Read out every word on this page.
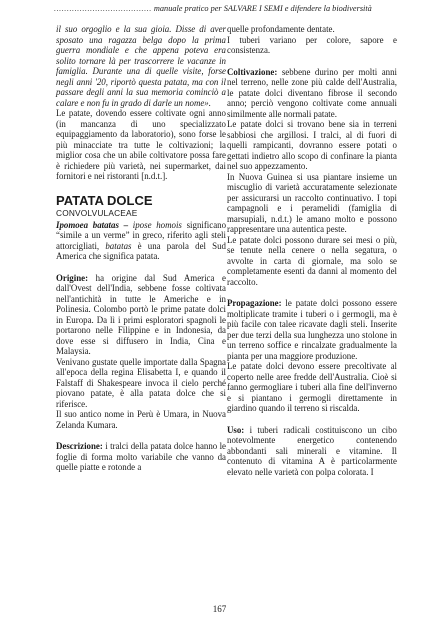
...................................... manuale pratico per SALVARE I SEMI e difendere la biodiversità

il suo orgoglio e la sua gioia. Disse di aver sposato una ragazza belga dopo la prima guerra mondiale e che appena poteva era solito tornare là per trascorrere le vacanze in famiglia. Durante una di quelle visite, forse negli anni '20, riportò questa patata, ma con il passare degli anni la sua memoria cominciò a calare e non fu in grado di darle un nome».

Le patate, dovendo essere coltivate ogni anno (in mancanza di uno specializzato equipaggiamento da laboratorio), sono forse le più minacciate tra tutte le coltivazioni; la miglior cosa che un abile coltivatore possa fare è richiedere più varietà, nei supermarket, dai fornitori e nei ristoranti [n.d.t.].

PATATA DOLCE
CONVOLVULACEAE

Ipomoea batatas – ipose homois significano “simile a un verme” in greco, riferito agli steli attorcigliati, batatas è una parola del Sud America che significa patata.

Origine: ha origine dal Sud America e dall'Ovest dell'India, sebbene fosse coltivata nell'antichità in tutte le Americhe e in Polinesia. Colombo portò le prime patate dolci in Europa. Da lì i primi esploratori spagnoli le portarono nelle Filippine e in Indonesia, da dove esse si diffusero in India, Cina e Malaysia.

Venivano gustate quelle importate dalla Spagna all'epoca della regina Elisabetta I, e quando il Falstaff di Shakespeare invoca il cielo perché piovano patate, è alla patata dolce che si riferisce.

Il suo antico nome in Perù è Umara, in Nuova Zelanda Kumara.

Descrizione: i tralci della patata dolce hanno le foglie di forma molto variabile che vanno da quelle piatte e rotonde a

quelle profondamente dentate.

I tuberi variano per colore, sapore e consistenza.

Coltivazione: sebbene durino per molti anni nel terreno, nelle zone più calde dell'Australia, le patate dolci diventano fibrose il secondo anno; perciò vengono coltivate come annuali similmente alle normali patate.

Le patate dolci si trovano bene sia in terreni sabbiosi che argillosi. I tralci, al di fuori di quelli rampicanti, dovranno essere potati o gettati indietro allo scopo di confinare la pianta nel suo appezzamento.

In Nuova Guinea si usa piantare insieme un miscuglio di varietà accuratamente selezionate per assicurarsi un raccolto continuativo. I topi campagnoli e i peramelidi (famiglia di marsupiali, n.d.t.) le amano molto e possono rappresentare una autentica peste.

Le patate dolci possono durare sei mesi o più, se tenute nella cenere o nella segatura, o avvolte in carta di giornale, ma solo se completamente esenti da danni al momento del raccolto.

Propagazione: le patate dolci possono essere moltiplicate tramite i tuberi o i germogli, ma è più facile con talee ricavate dagli steli. Inserite per due terzi della sua lunghezza uno stolone in un terreno soffice e rincalzate gradualmente la pianta per una maggiore produzione.

Le patate dolci devono essere precoltivate al coperto nelle aree fredde dell'Australia. Cioè si fanno germogliare i tuberi alla fine dell'inverno e si piantano i germogli direttamente in giardino quando il terreno si riscalda.

Uso: i tuberi radicali costituiscono un cibo notevolmente energetico contenendo abbondanti sali minerali e vitamine. Il contenuto di vitamina A è particolarmente elevato nelle varietà con polpa colorata. I

167
